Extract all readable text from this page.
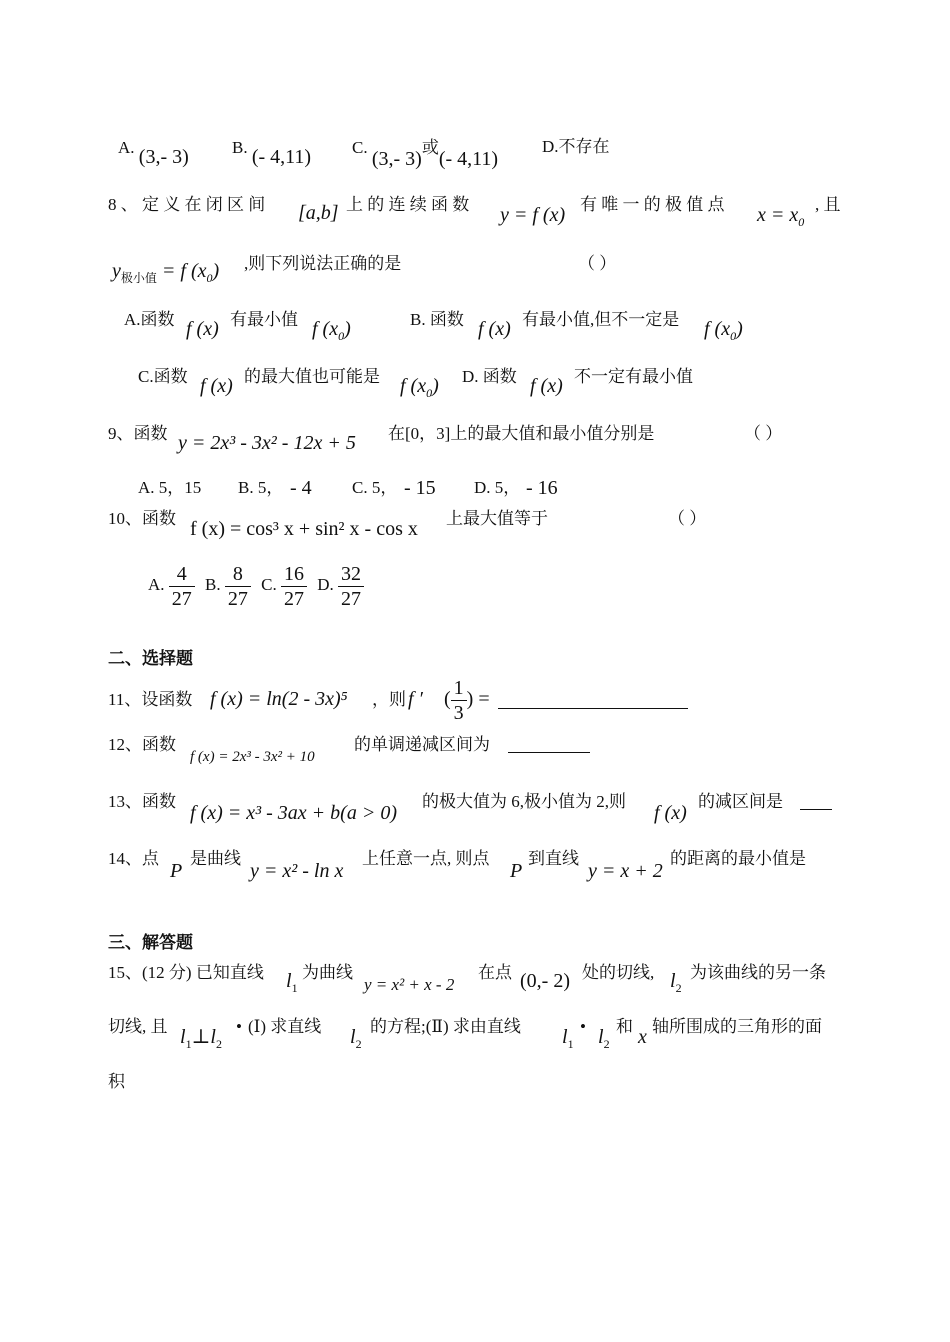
A. (3,- 3)	B. (- 4,11) C. (3,- 3)或(- 4,11)
D.不存在
8 、 定 义 在 闭 区 间 [a,b] 上 的 连 续 函 数 y = f (x) 有 唯 一 的 极 值 点 $x = x_0$
, 且
$y_{极小值} = f$ $(x_0)$ ,则下列说法正确的是	（ ）
A.函数 f (x) 有最小值 f $(x_0)$	B. 函数 f (x) 有最小值,但不一定是 f $(x_0)$
C.函数 f (x) 的最大值也可能是 f $(x_0)$ D. 函数 f (x) 不一定有最小值
9、函数 y = 2x³ - 3x² - 12x + 5 在[0，3]上的最大值和最小值分别是	（ ）
A. 5，15 B. 5， - 4 C. 5， - 15 D. 5， - 16
10、函数 f (x) = cos³ x + sin² x - cos x 上最大值等于	（ ）
A. $\frac{4}{27} B$. $\frac{8}{27} C$. $\frac{16}{27} D$. $\frac{32}{27}$
二、选择题
11、设函数 f (x) = ln(2 - 3x)⁵ ，则 f ′ ( $\frac{1}{3}$ ) =
12、函数
f (x) = 2x³ - 3x² + 10
的单调递减区间为
13、函数
f (x) = x³ - 3ax + b(a > 0)
的极大值为 6,极小值为 2,则
f (x)
的减区间是
14、点
P
是曲线
y = x² - ln x
上任意一点, 则点
P
到直线
y = x + 2
的距离的最小值是
三、解答题
15、(12 分) 已知直线 $l_1$
为曲线
y = x² + x - 2
在点 (0,- 2) 处的切线, $l_2$
为该曲线的另一条
切线, 且 $l_1\perp l_2$
• (Ⅰ) 求直线 $l_2$
的方程;(Ⅱ) 求由直线 $l_1$
• $l_2$
和 x 轴所围成的三角形的面
积
